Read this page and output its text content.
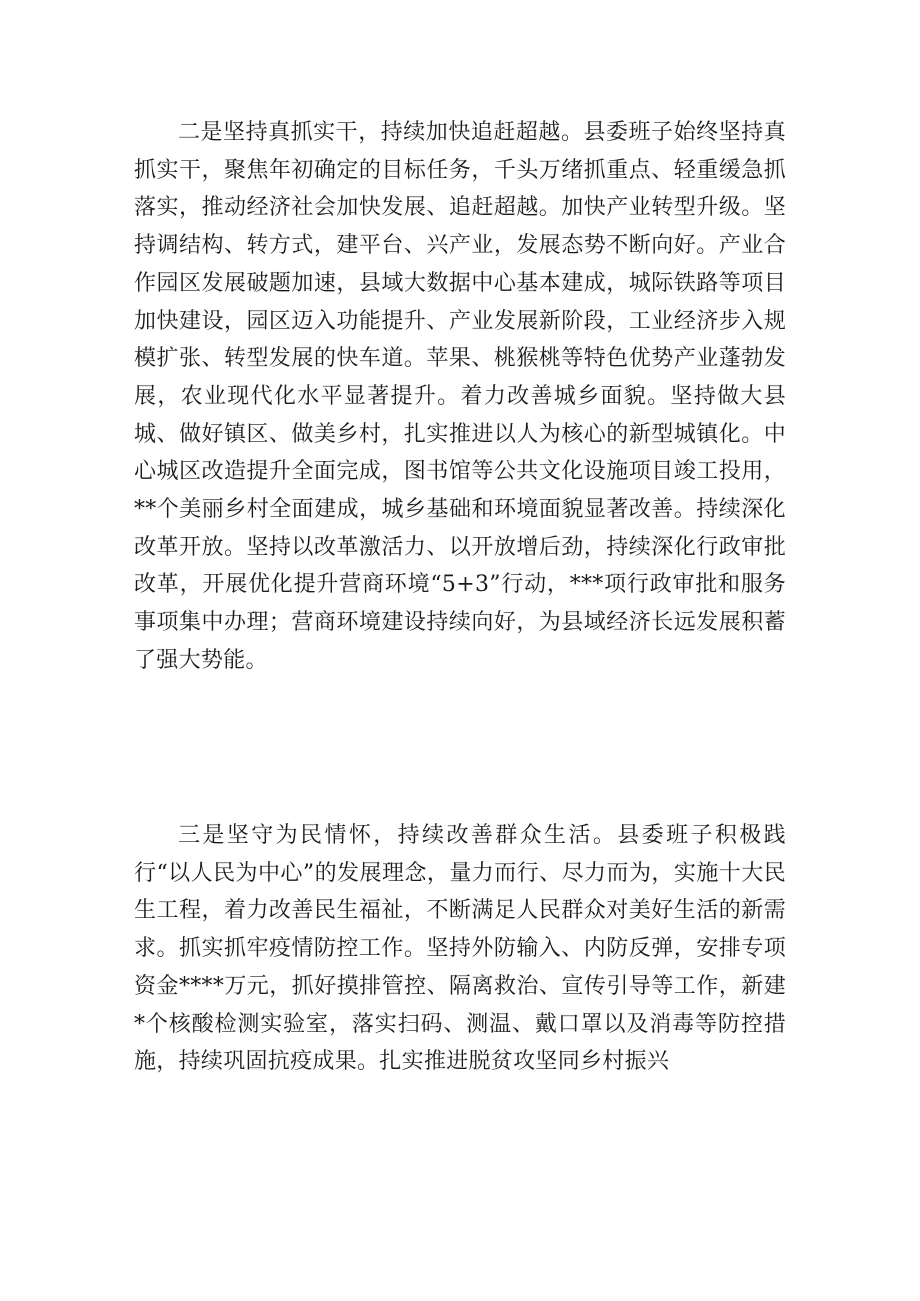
二是坚持真抓实干，持续加快追赶超越。县委班子始终坚持真抓实干，聚焦年初确定的目标任务，千头万绪抓重点、轻重缓急抓落实，推动经济社会加快发展、追赶超越。加快产业转型升级。坚持调结构、转方式，建平台、兴产业，发展态势不断向好。产业合作园区发展破题加速，县域大数据中心基本建成，城际铁路等项目加快建设，园区迈入功能提升、产业发展新阶段，工业经济步入规模扩张、转型发展的快车道。苹果、桃猴桃等特色优势产业蓬勃发展，农业现代化水平显著提升。着力改善城乡面貌。坚持做大县城、做好镇区、做美乡村，扎实推进以人为核心的新型城镇化。中心城区改造提升全面完成，图书馆等公共文化设施项目竣工投用，**个美丽乡村全面建成，城乡基础和环境面貌显著改善。持续深化改革开放。坚持以改革激活力、以开放增后劲，持续深化行政审批改革，开展优化提升营商环境“5+3”行动，***项行政审批和服务事项集中办理；营商环境建设持续向好，为县域经济长远发展积蓄了强大势能。

三是坚守为民情怀，持续改善群众生活。县委班子积极践行“以人民为中心”的发展理念，量力而行、尽力而为，实施十大民生工程，着力改善民生福祉，不断满足人民群众对美好生活的新需求。抓实抓牢疫情防控工作。坚持外防输入、内防反弹，安排专项资金****万元，抓好摸排管控、隔离救治、宣传引导等工作，新建*个核酸检测实验室，落实扫码、测温、戴口罩以及消毒等防控措施，持续巩固抗疫成果。扎实推进脱贫攻坚同乡村振兴
